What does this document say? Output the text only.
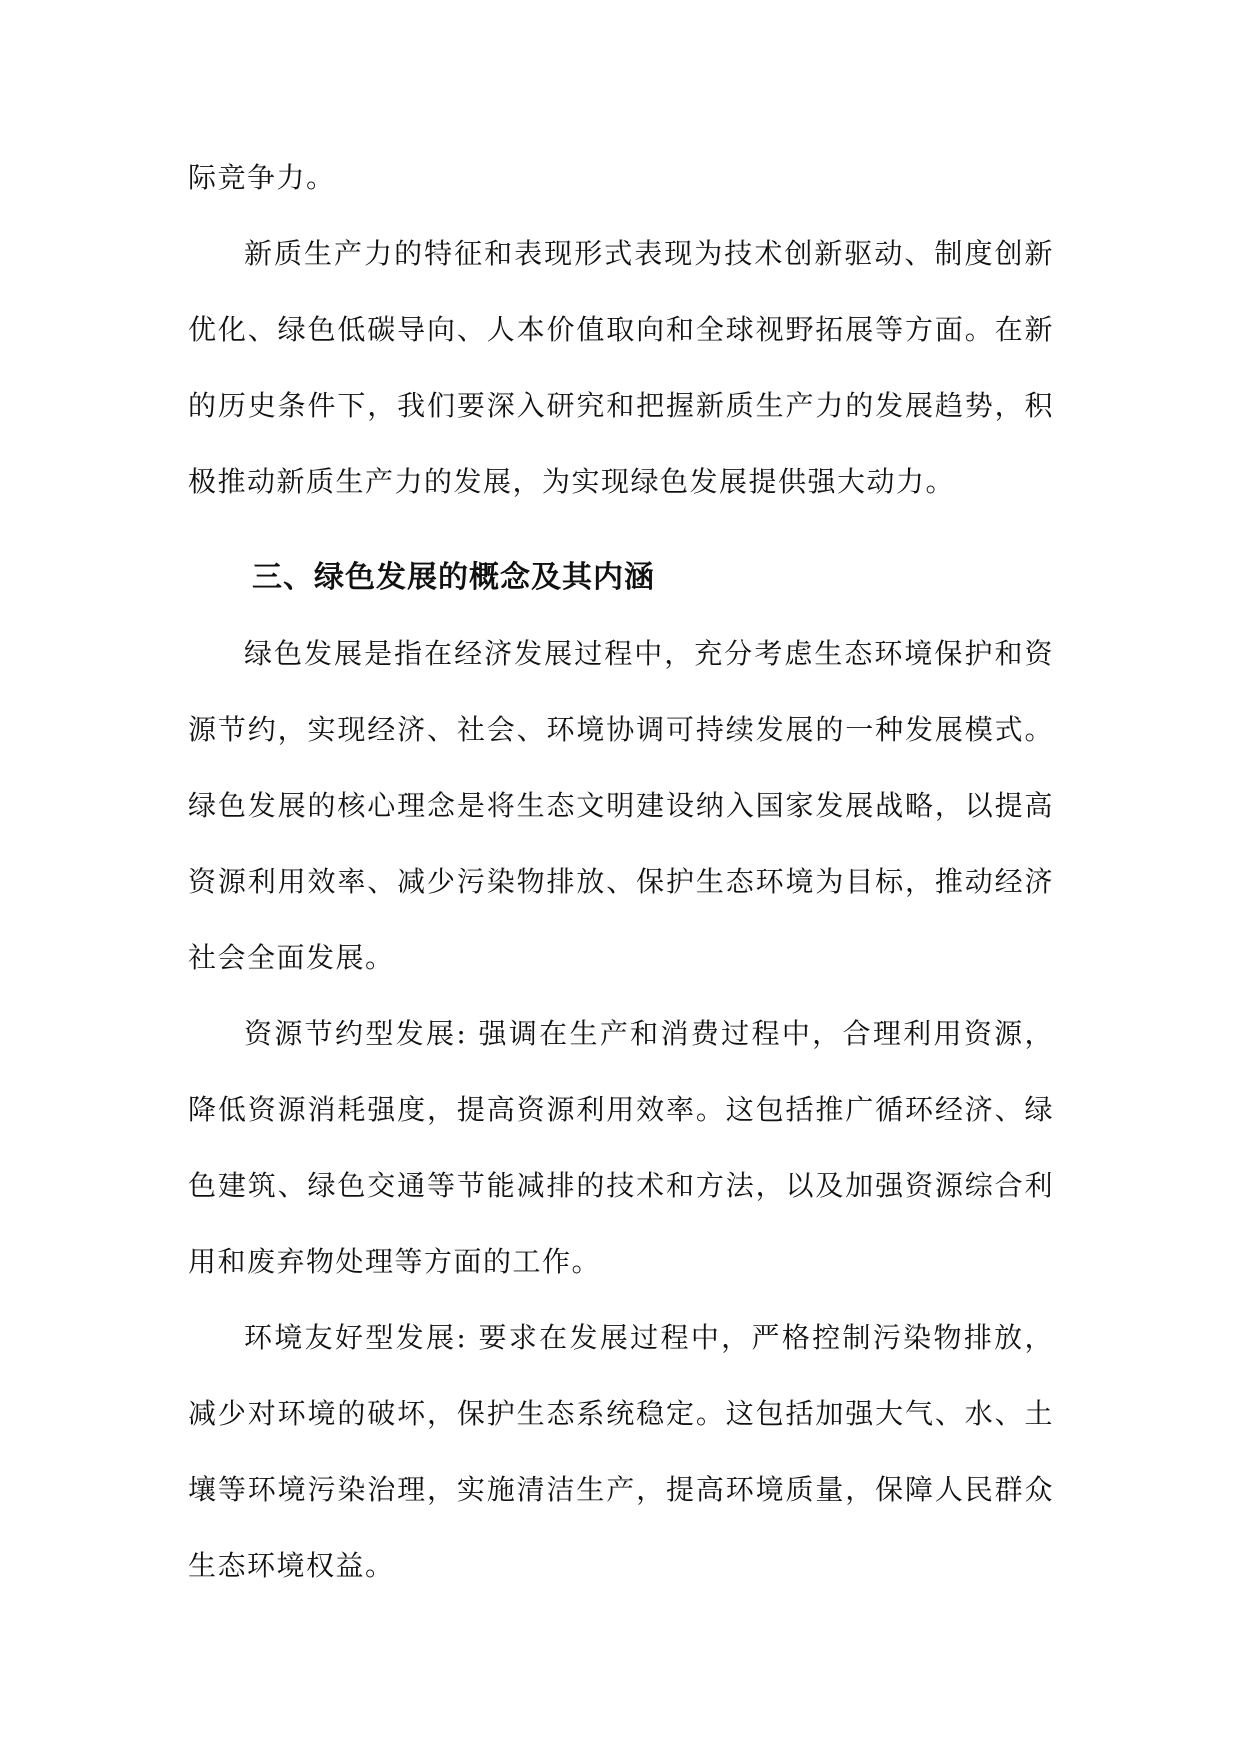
际竞争力。

新质生产力的特征和表现形式表现为技术创新驱动、制度创新优化、绿色低碳导向、人本价值取向和全球视野拓展等方面。在新的历史条件下，我们要深入研究和把握新质生产力的发展趋势，积极推动新质生产力的发展，为实现绿色发展提供强大动力。

三、绿色发展的概念及其内涵

绿色发展是指在经济发展过程中，充分考虑生态环境保护和资源节约，实现经济、社会、环境协调可持续发展的一种发展模式。绿色发展的核心理念是将生态文明建设纳入国家发展战略，以提高资源利用效率、减少污染物排放、保护生态环境为目标，推动经济社会全面发展。

资源节约型发展: 强调在生产和消费过程中，合理利用资源，降低资源消耗强度，提高资源利用效率。这包括推广循环经济、绿色建筑、绿色交通等节能减排的技术和方法，以及加强资源综合利用和废弃物处理等方面的工作。

环境友好型发展: 要求在发展过程中，严格控制污染物排放，减少对环境的破坏，保护生态系统稳定。这包括加强大气、水、土壤等环境污染治理，实施清洁生产，提高环境质量，保障人民群众生态环境权益。
